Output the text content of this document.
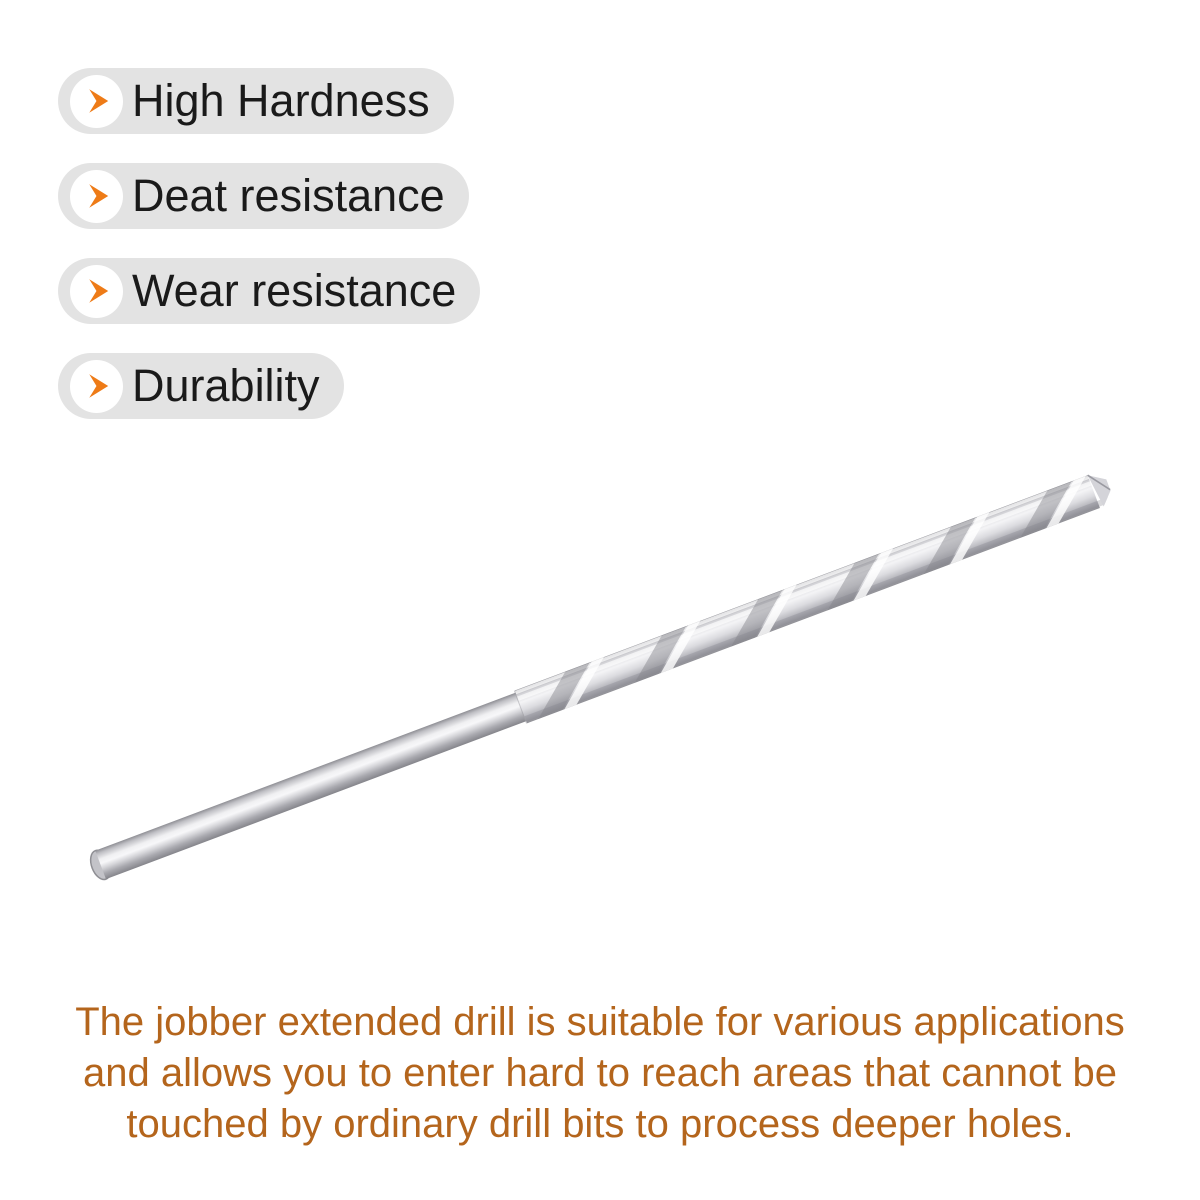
High Hardness
Deat resistance
Wear resistance
Durability
The jobber extended drill is suitable for various applications
and allows you to enter hard to reach areas that cannot be
touched by ordinary drill bits to process deeper holes.
